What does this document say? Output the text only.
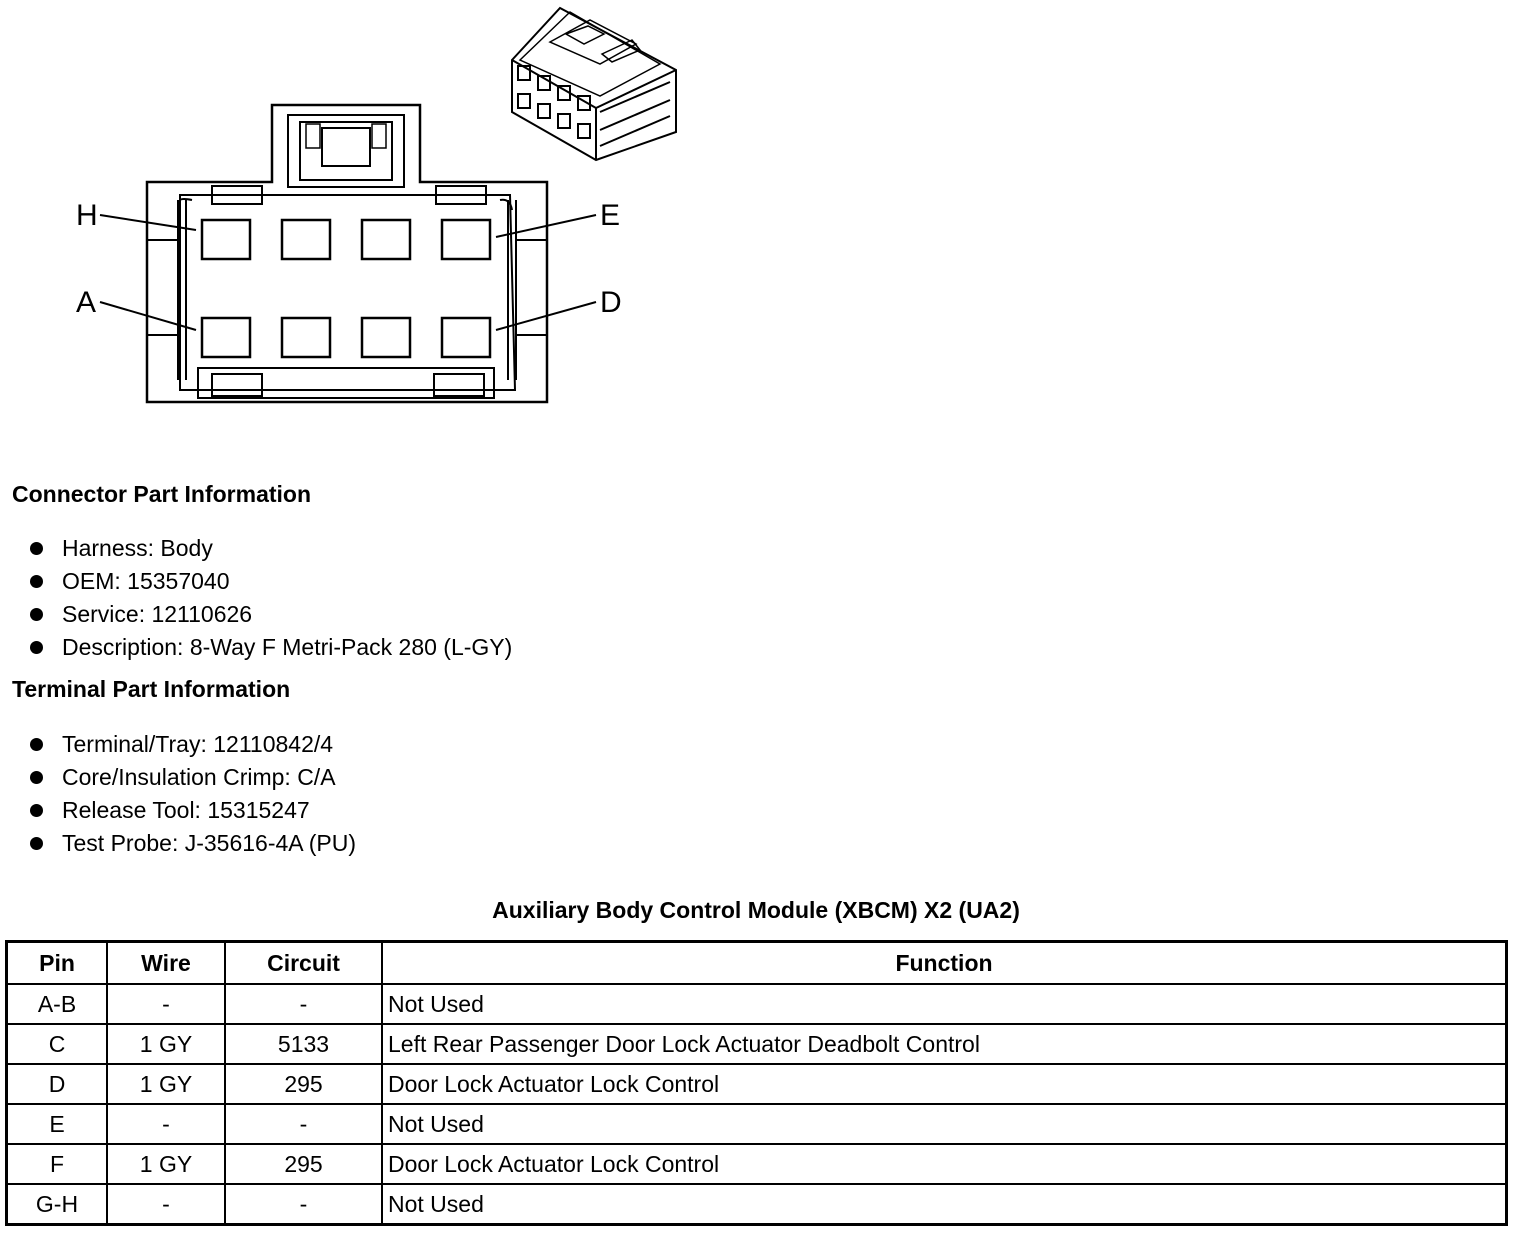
H	E
A	D
Connector Part Information
Harness: Body
OEM: 15357040
Service: 12110626
Description: 8-Way F Metri-Pack 280 (L-GY)
Terminal Part Information
Terminal/Tray: 12110842/4
Core/Insulation Crimp: C/A
Release Tool: 15315247
Test Probe: J-35616-4A (PU)
Auxiliary Body Control Module (XBCM) X2 (UA2)
Pin	Wire	Circuit	Function
A-B	-	-	Not Used
C	1 GY	5133	Left Rear Passenger Door Lock Actuator Deadbolt Control
D	1 GY	295	Door Lock Actuator Lock Control
E	-	-	Not Used
F	1 GY	295	Door Lock Actuator Lock Control
G-H	-	-	Not Used
